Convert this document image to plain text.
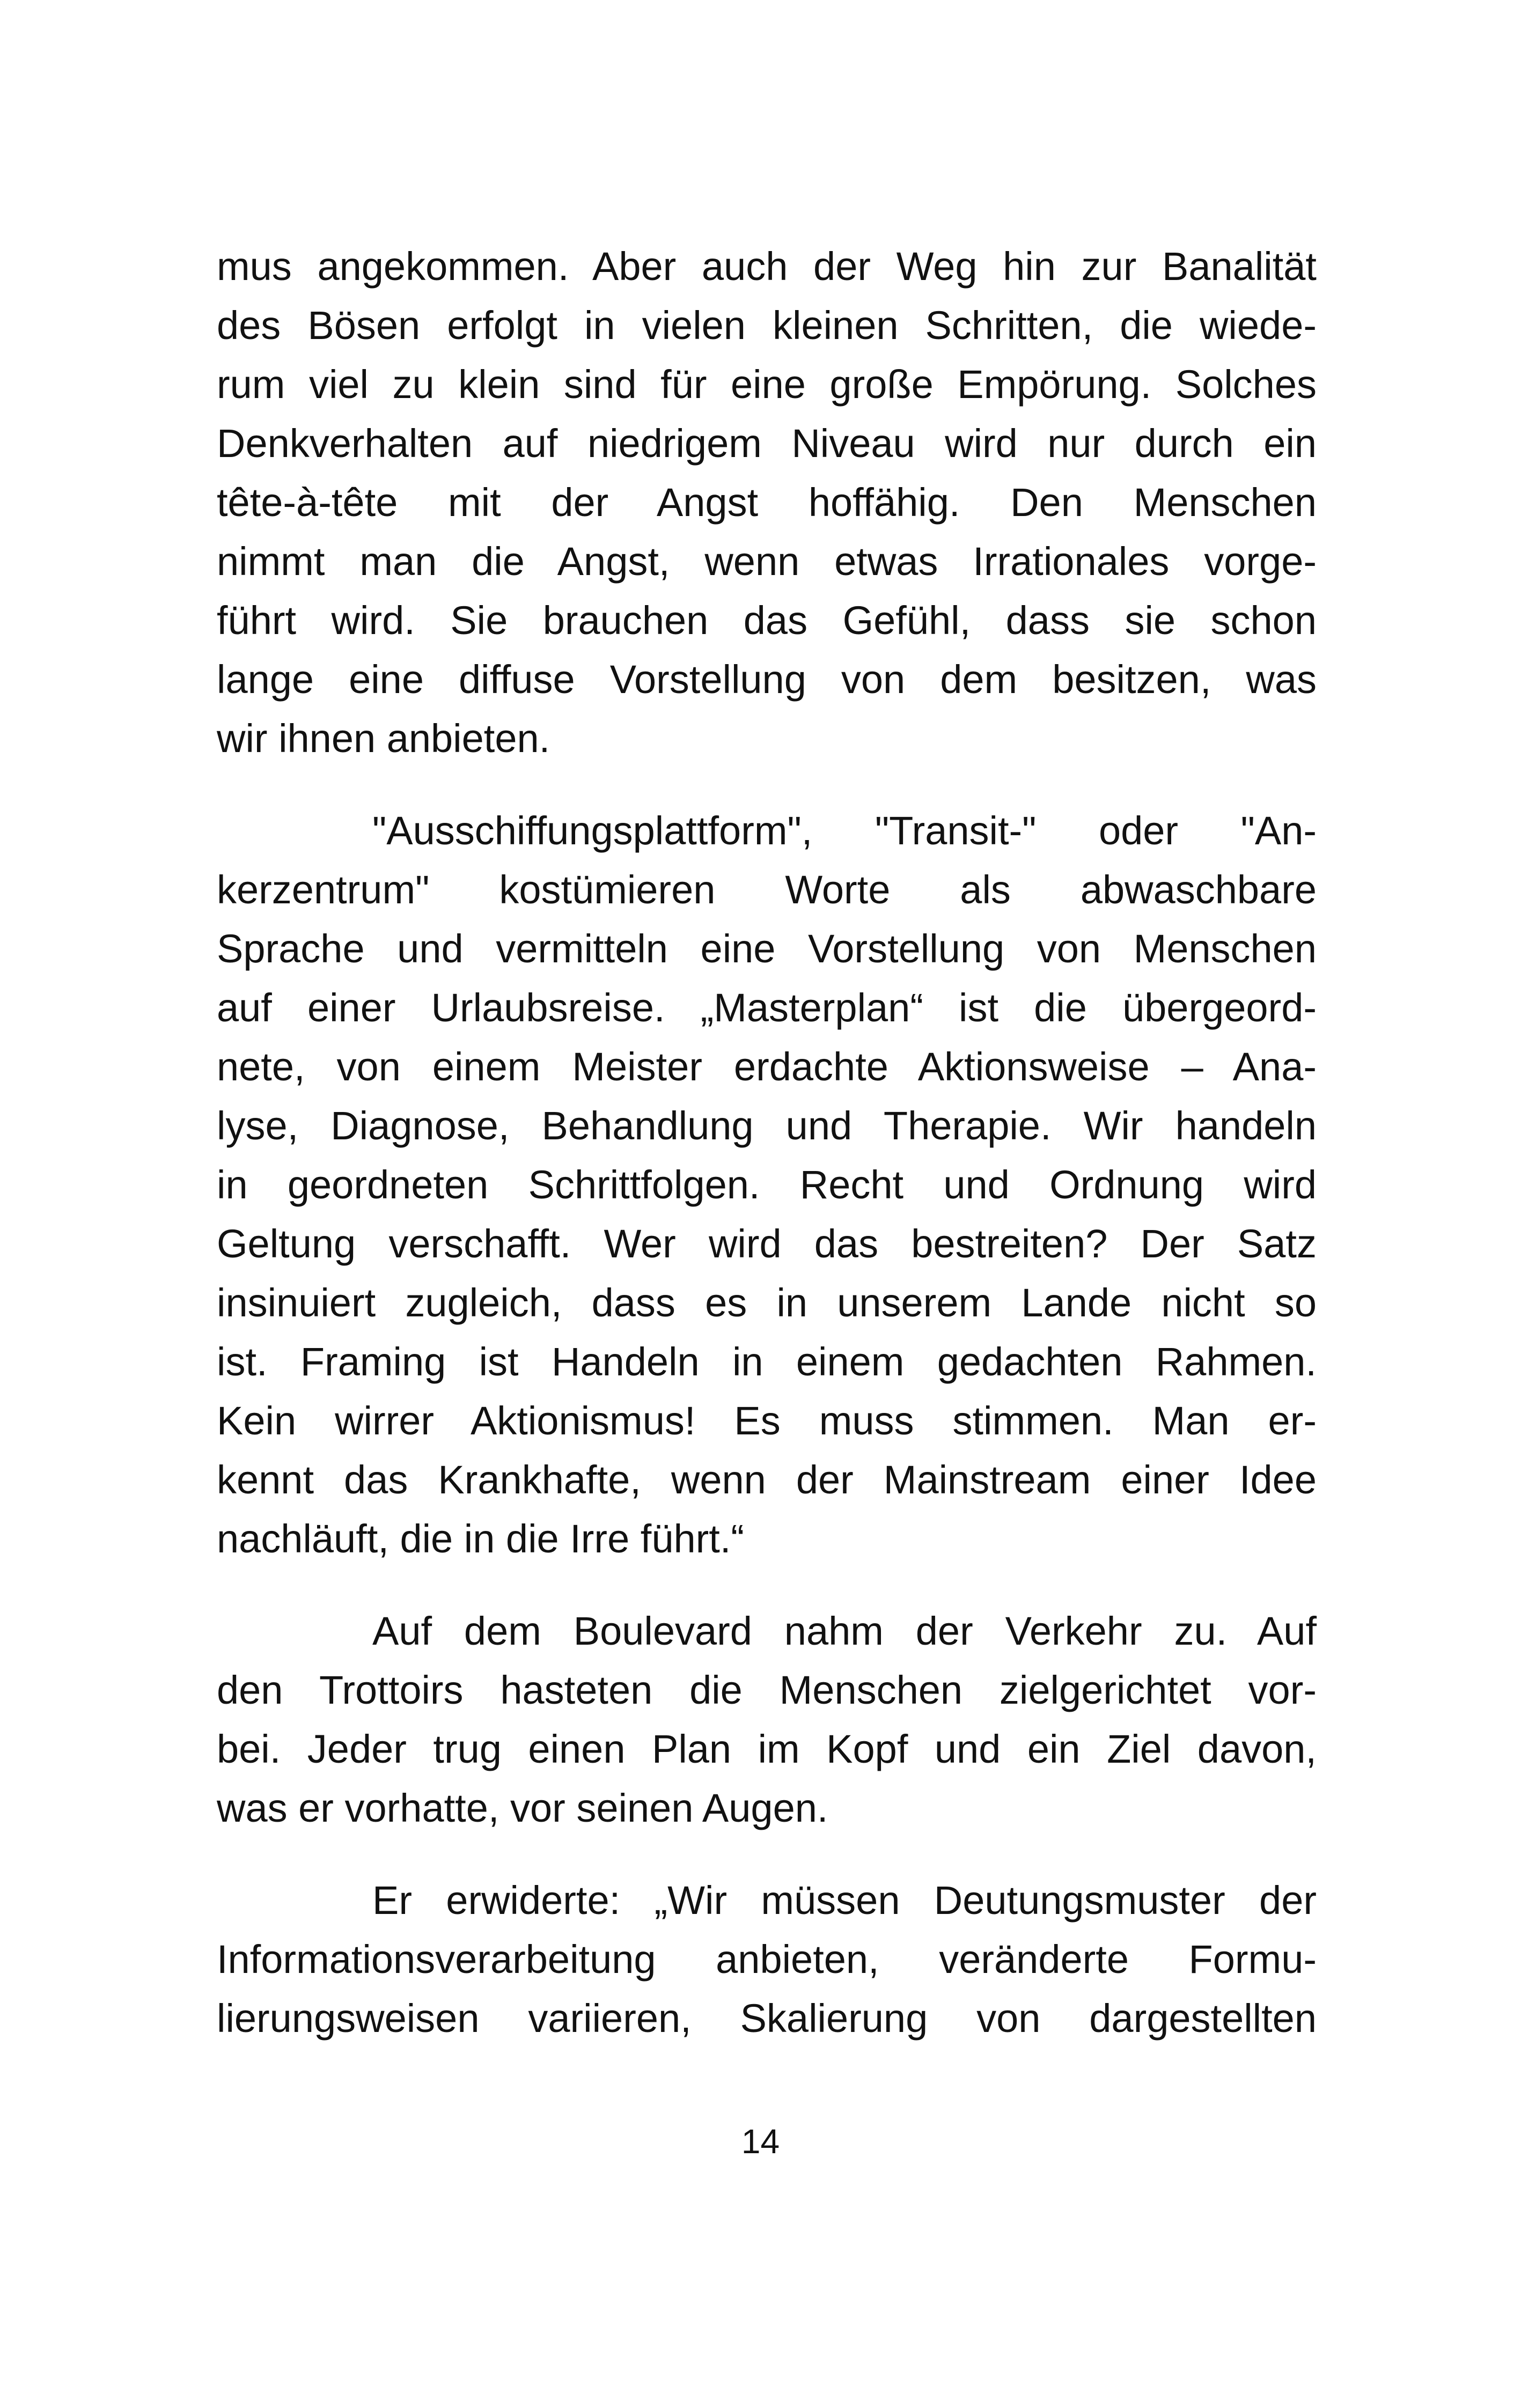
mus angekommen. Aber auch der Weg hin zur Banalität
des Bösen erfolgt in vielen kleinen Schritten, die wiede-
rum viel zu klein sind für eine große Empörung. Solches
Denkverhalten auf niedrigem Niveau wird nur durch ein
tête-à-tête mit der Angst hoffähig. Den Menschen
nimmt man die Angst, wenn etwas Irrationales vorge-
führt wird. Sie brauchen das Gefühl, dass sie schon
lange eine diffuse Vorstellung von dem besitzen, was
wir ihnen anbieten.
"Ausschiffungsplattform", "Transit-" oder "An-
kerzentrum" kostümieren Worte als abwaschbare
Sprache und vermitteln eine Vorstellung von Menschen
auf einer Urlaubsreise. „Masterplan“ ist die übergeord-
nete, von einem Meister erdachte Aktionsweise – Ana-
lyse, Diagnose, Behandlung und Therapie. Wir handeln
in geordneten Schrittfolgen. Recht und Ordnung wird
Geltung verschafft. Wer wird das bestreiten? Der Satz
insinuiert zugleich, dass es in unserem Lande nicht so
ist. Framing ist Handeln in einem gedachten Rahmen.
Kein wirrer Aktionismus! Es muss stimmen. Man er-
kennt das Krankhafte, wenn der Mainstream einer Idee
nachläuft, die in die Irre führt.“
Auf dem Boulevard nahm der Verkehr zu. Auf
den Trottoirs hasteten die Menschen zielgerichtet vor-
bei. Jeder trug einen Plan im Kopf und ein Ziel davon,
was er vorhatte, vor seinen Augen.
Er erwiderte: „Wir müssen Deutungsmuster der
Informationsverarbeitung anbieten, veränderte Formu-
lierungsweisen variieren, Skalierung von dargestellten
14
